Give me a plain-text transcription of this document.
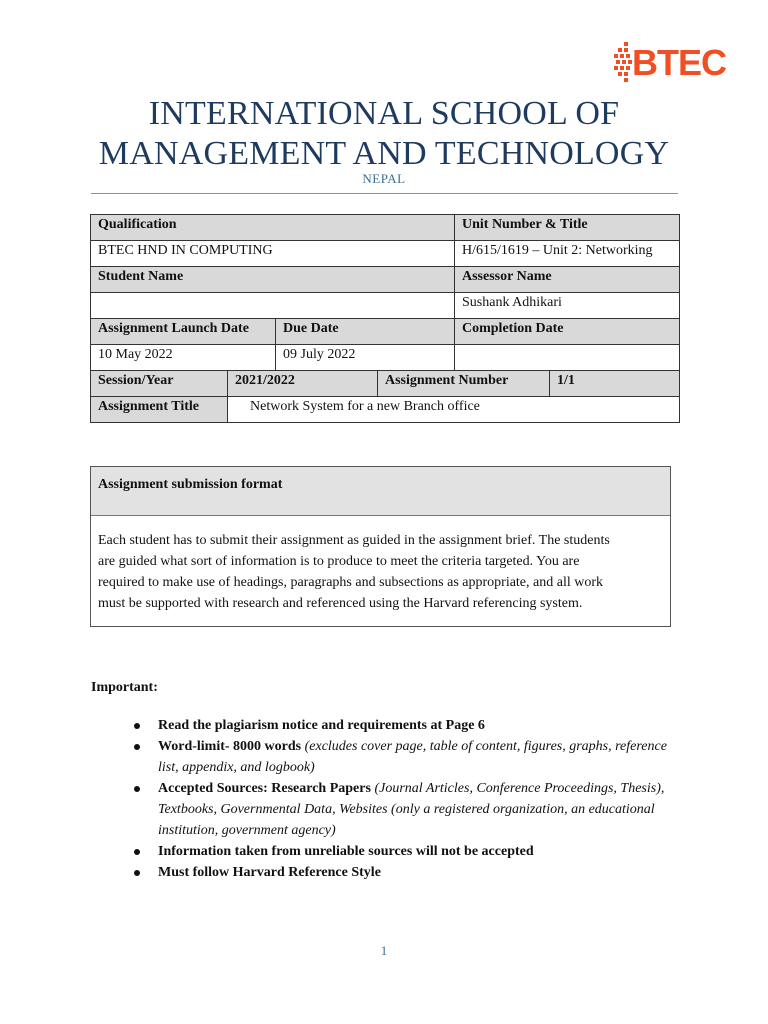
BTEC
INTERNATIONAL SCHOOL OF
MANAGEMENT AND TECHNOLOGY
NEPAL
Qualification				Unit Number & Title	
BTEC HND IN COMPUTING				H/615/1619 – Unit 2: Networking	
Student Name				Assessor Name	
				Sushank Adhikari	
Assignment Launch Date		Due Date		Completion Date	
10 May 2022		09 July 2022			
Session/Year	2021/2022		Assignment Number		1/1
Assignment Title	Network System for a new Branch office				
Assignment submission format
Each student has to submit their assignment as guided in the assignment brief. The students
are guided what sort of information is to produce to meet the criteria targeted. You are
required to make use of headings, paragraphs and subsections as appropriate, and all work
must be supported with research and referenced using the Harvard referencing system.
Important:
Read the plagiarism notice and requirements at Page 6
Word-limit- 8000 words (excludes cover page, table of content, figures, graphs, reference list, appendix, and logbook)
Accepted Sources: Research Papers (Journal Articles, Conference Proceedings, Thesis), Textbooks, Governmental Data, Websites (only a registered organization, an educational institution, government agency)
Information taken from unreliable sources will not be accepted
Must follow Harvard Reference Style
1
